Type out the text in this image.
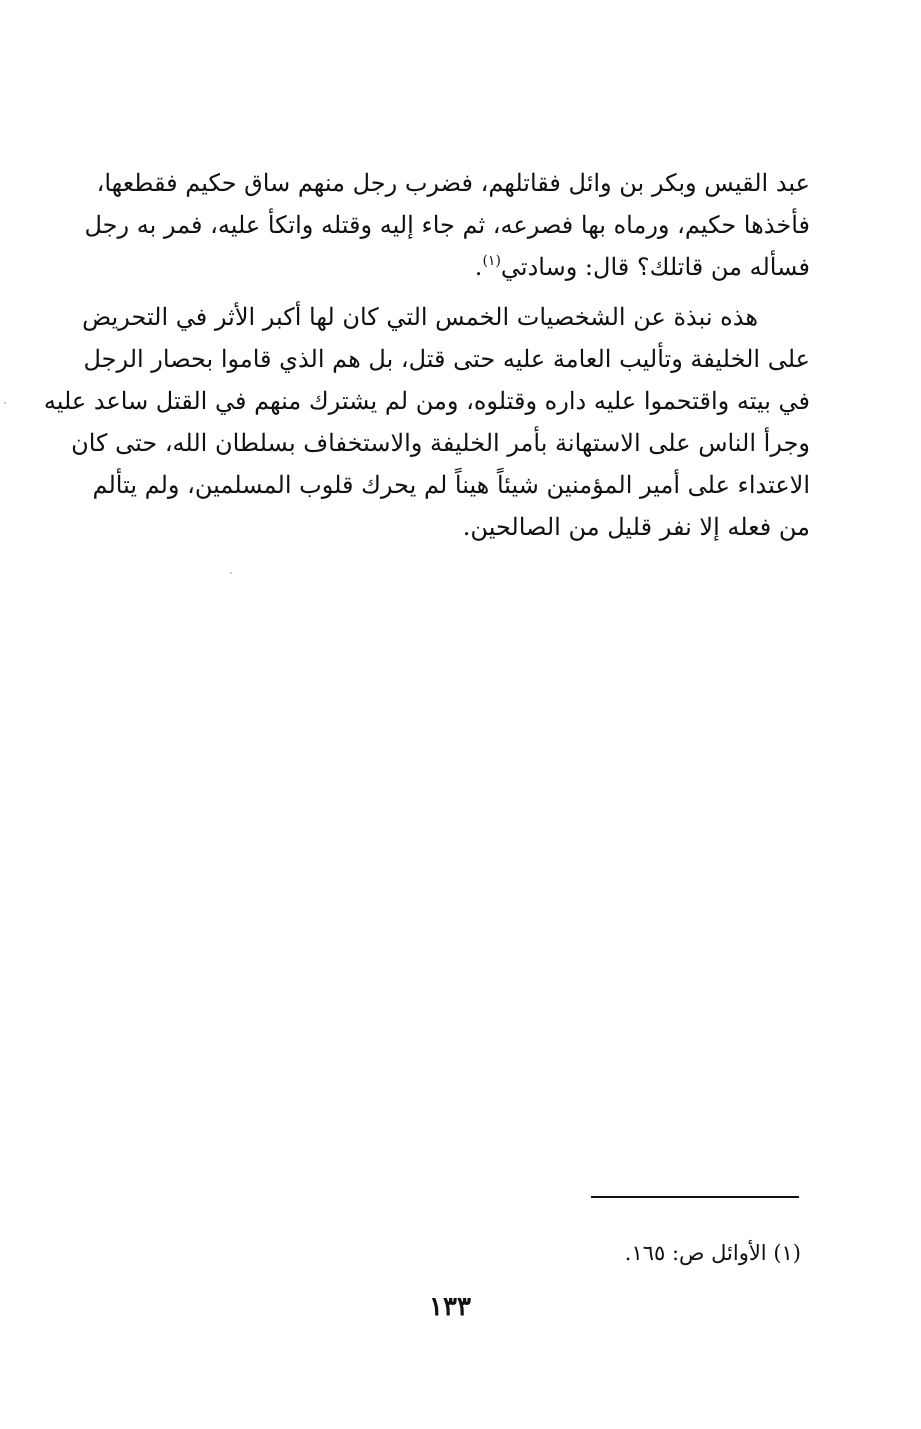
عبد القيس وبكر بن وائل فقاتلهم، فضرب رجل منهم ساق حكيم فقطعها،
فأخذها حكيم، ورماه بها فصرعه، ثم جاء إليه وقتله واتكأ عليه، فمر به رجل
فسأله من قاتلك؟ قال: وسادتي$^{(١)}$.
هذه نبذة عن الشخصيات الخمس التي كان لها أكبر الأثر في التحريض
على الخليفة وتأليب العامة عليه حتى قتل، بل هم الذي قاموا بحصار الرجل
في بيته واقتحموا عليه داره وقتلوه، ومن لم يشترك منهم في القتل ساعد عليه
وجرأ الناس على الاستهانة بأمر الخليفة والاستخفاف بسلطان الله، حتى كان
الاعتداء على أمير المؤمنين شيئاً هيناً لم يحرك قلوب المسلمين، ولم يتألم
من فعله إلا نفر قليل من الصالحين.
(١) الأوائل ص: ١٦٥.
١٣٣
